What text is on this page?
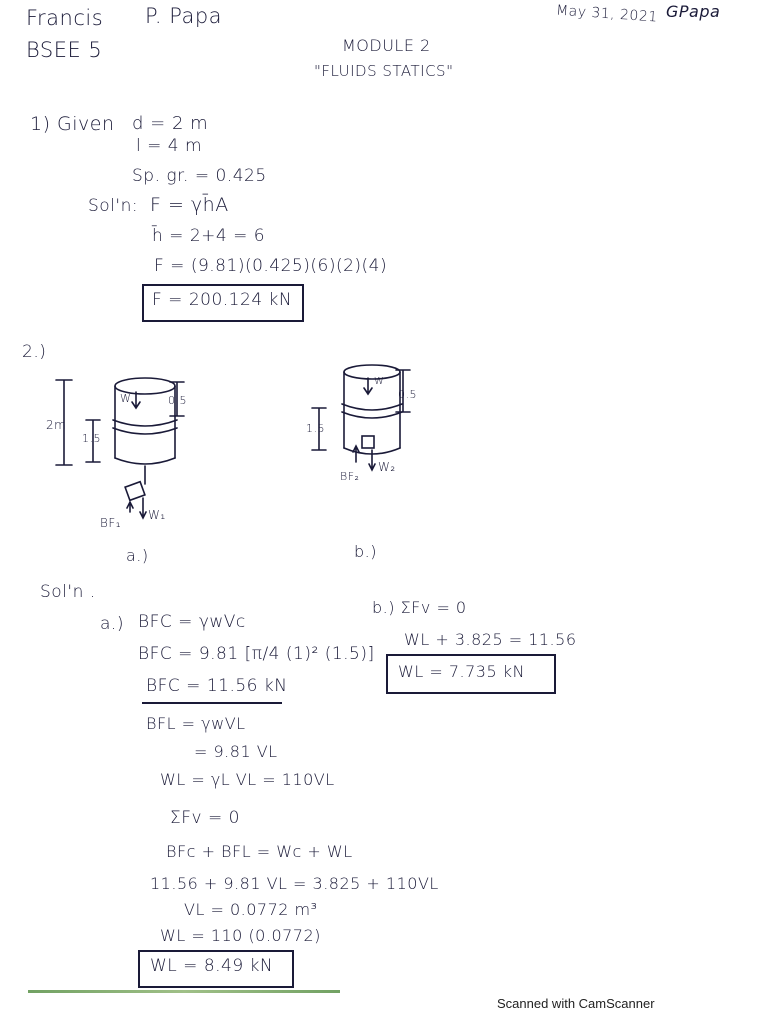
Francis P. Papa
BSEE 5
May 31, 2021 GPapa
MODULE 2
"FLUIDS STATICS"
1) Given d = 2 m
l = 4 m
Sp. gr. = 0.425
Sol'n: F = γh̄A
h̄ = 2+4 = 6
F = (9.81)(0.425)(6)(2)(4)
F = 200.124 kN
2.)
2m
1.5
0.5
W
W₁
BF₁
a.)
1.5
0.5
W
W₂
BF₂
b.)
Sol'n .
a.) BFC = γwVc
BFC = 9.81 [π/4 (1)² (1.5)]
BFC = 11.56 kN
BFL = γwVL
= 9.81 VL
WL = γL VL = 110VL
ΣFv = 0
BFc + BFL = Wc + WL
11.56 + 9.81 VL = 3.825 + 110VL
VL = 0.0772 m³
WL = 110 (0.0772)
WL = 8.49 kN
b.) ΣFv = 0
WL + 3.825 = 11.56
WL = 7.735 kN
Scanned with CamScanner
